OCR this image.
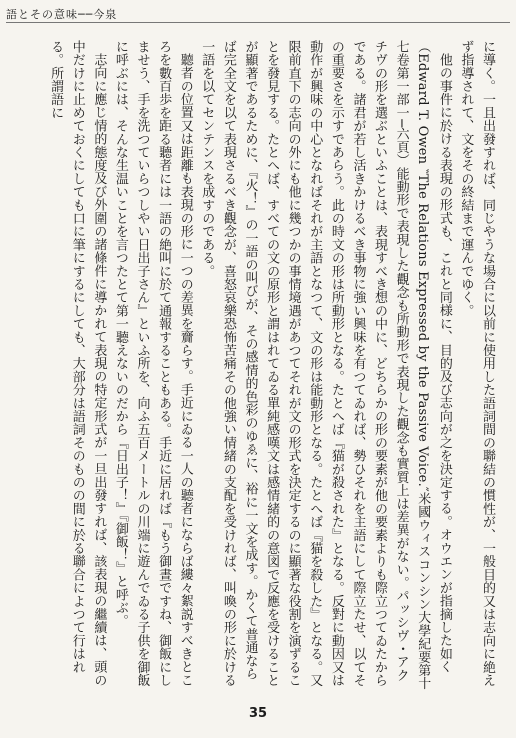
語とその意味──今泉

に導く。一且出發すれば、同じやうな場合に以前に使用した語詞間の聯結の慣性が、一般目的又は志向に絶えず指導されて、文をその終結まで運んでゆく。

他の事件に於ける表現の形式も、これと同様に、目的及び志向が之を決定する。オウエンが指摘した如く（Edward T. Owen ‶The Relations Expressed by the Passive Voice.″米國ウィスコンシン大學紀要第十七卷第一部一─六頁）能動形で表現した觀念も所動形で表現した觀念も實質上は差異がない。パッシヴ・アクチヴの形を選ぶといふことは、表現すべき想の中に、どちらかの形の要素が他の要素よりも際立つてゐたからである。諸君が若し活きかけるべき事物に強い興味を有つてゐれば、勢ひそれを主語にして際立たせ、以てその重要さを示すであらう。此の時文の形は所動形となる。たとへば『猫が殺された』となる。反對に動因又は動作が興味の中心となればそれが主語となつて、文の形は能動形となる。たとへば『猫を殺した』となる。又限前直下の志向の外にも他に幾つかの事情境遇があつてそれが文の形式を決定するのに顯著な役割を演ずることを發見する。たとへば、すべての文の原形と謂はれてゐる單純感嘆文は感情緒的の意図で反應を受けることが顯著であるために、『火！』の一語の叫びが、その感情的色彩のゆゑに、裕に一文を成す。かくて普通ならば完全文を以て表現さるべき觀念が、喜怒哀樂恐怖苦痛その他強い情緒の支配を受ければ、叫喚の形に於ける一語を以てセンテンスを成すのである。

聽者の位置又は距離も表現の形に一つの差異を齎らす。手近にゐる一人の聽者にならば縷々絮説すべきところを數百歩を距る聽者には一語の絶叫に於て通報することもある。手近に居れば『もう御晝ですね、御飯にしませう、手を洗つていらつしやい日出子さん』といふ所を、向ふ五百メートルの川端に遊んでゐる子供を御飯に呼ぶには、そんな生温いことを言つたとて第一聽えないのだから『日出子！』『御飯！』と呼ぶ。

志向に應じ情的態度及び外圍の諸條件に導かれて表現の特定形式が一旦出發すれば、該表現の繼續は、頭の中だけに止めておくにしても口に筆にするにしても、大部分は語詞そのものの間に於る聯合によつて行はれる。所謂語に

35
